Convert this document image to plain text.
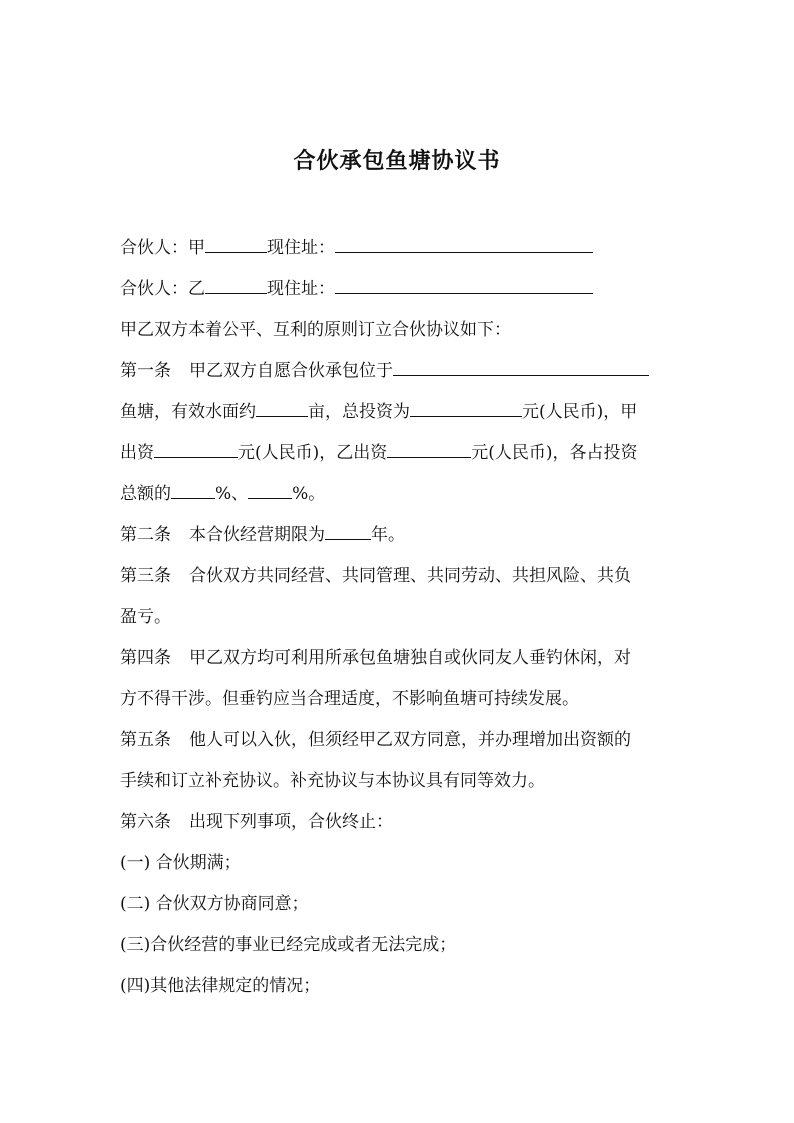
合伙承包鱼塘协议书
合伙人：甲	现住址：
合伙人：乙	现住址：
甲乙双方本着公平、互利的原则订立合伙协议如下：
第一条 甲乙双方自愿合伙承包位于
鱼塘，有效水面约	亩，总投资为	元(人民币)，甲
出资	元(人民币)，乙出资	元(人民币)，各占投资
总额的	%、	%。
第二条 本合伙经营期限为	年。
第三条 合伙双方共同经营、共同管理、共同劳动、共担风险、共负
盈亏。
第四条 甲乙双方均可利用所承包鱼塘独自或伙同友人垂钓休闲，对
方不得干涉。但垂钓应当合理适度，不影响鱼塘可持续发展。
第五条 他人可以入伙，但须经甲乙双方同意，并办理增加出资额的
手续和订立补充协议。补充协议与本协议具有同等效力。
第六条 出现下列事项，合伙终止：
(一) 合伙期满；
(二) 合伙双方协商同意；
(三)合伙经营的事业已经完成或者无法完成；
(四)其他法律规定的情况；
